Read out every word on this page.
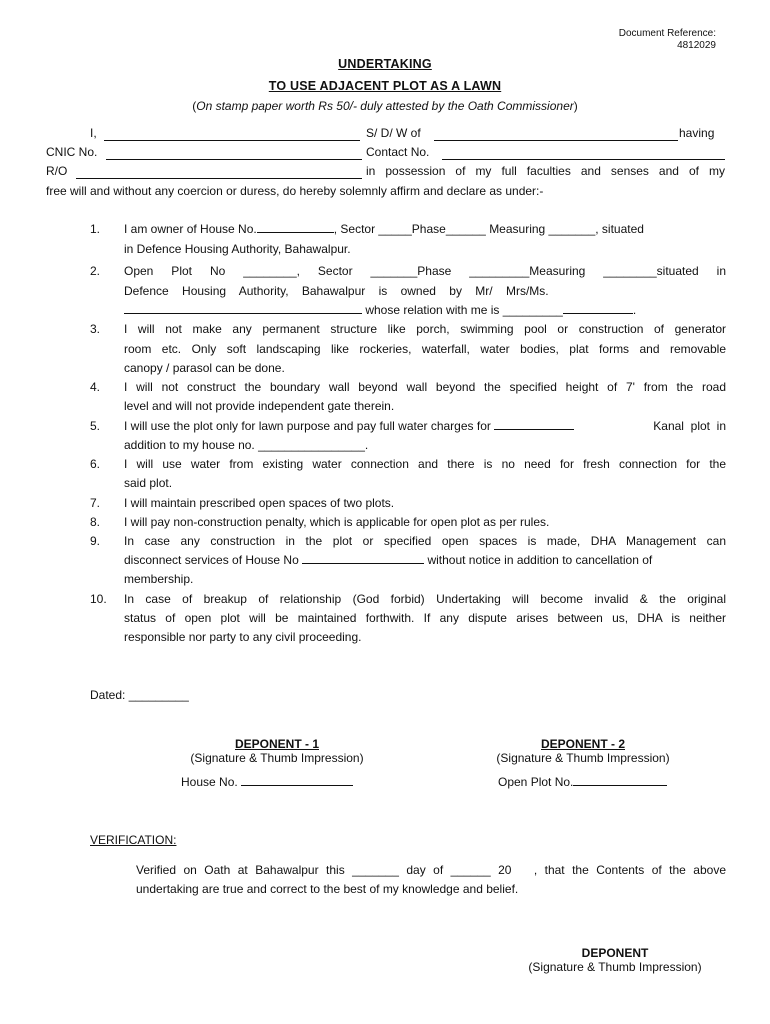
Document Reference:
4812029
UNDERTAKING
TO USE ADJACENT PLOT AS A LAWN
(On stamp paper worth Rs 50/- duly attested by the Oath Commissioner)
I,	S/ D/ W of	having
CNIC No.	Contact No.
R/O	in possession of my full faculties and senses and of my
free will and without any coercion or duress, do hereby solemnly affirm and declare as under:-
1. I am owner of House No.	, Sector _____Phase______ Measuring _______, situated
in Defence Housing Authority, Bahawalpur.
2. Open Plot No ________, Sector _______Phase _________Measuring ________situated in
Defence    Housing    Authority,    Bahawalpur    is    owned    by    Mr/    Mrs/Ms.
whose relation with me is _________	.
3. I will not make any permanent structure like porch, swimming pool or construction of generator
room etc. Only soft landscaping like rockeries, waterfall, water bodies, plat forms and removable
canopy / parasol can be done.
4. I will not construct the boundary wall beyond wall beyond the specified height of 7' from the road
level and will not provide independent gate therein.
5. I will use the plot only for lawn purpose and pay full water charges for	Kanal  plot  in
addition to my house no. ________________.
6. I will use water from existing water connection and there is no need for fresh connection for the
said plot.
7. I will maintain prescribed open spaces of two plots.
8. I will pay non-construction penalty, which is applicable for open plot as per rules.
9. In case any construction in the plot or specified open spaces is made, DHA Management can
disconnect services of House No	without notice in addition to cancellation of
membership.
10. In case of breakup of relationship (God forbid) Undertaking will become invalid & the original
status of open plot will be maintained forthwith. If any dispute arises between us, DHA is neither
responsible nor party to any civil proceeding.
Dated: _________
DEPONENT - 1
(Signature & Thumb Impression)
House No.
DEPONENT - 2
(Signature & Thumb Impression)
Open Plot No.
VERIFICATION:
Verified on Oath at Bahawalpur this _______ day of ______ 20   , that the Contents of the above
undertaking are true and correct to the best of my knowledge and belief.
DEPONENT
(Signature & Thumb Impression)
